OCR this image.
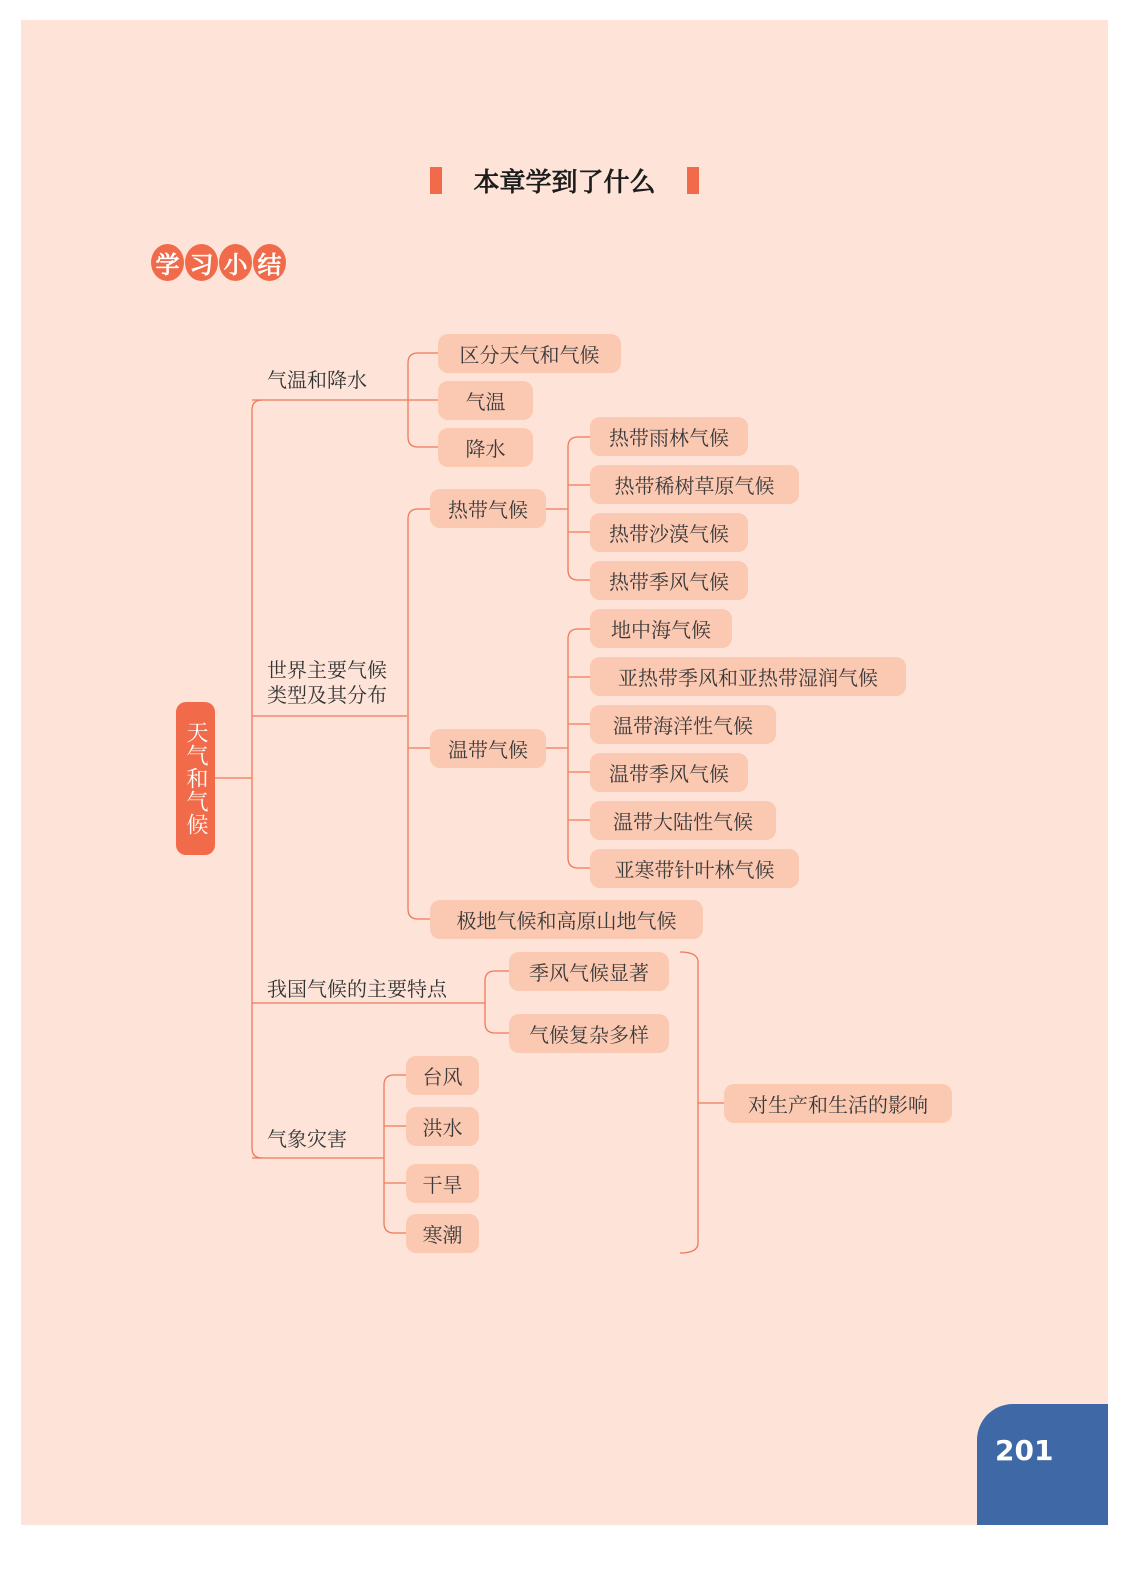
本章学到了什么
学 习 小 结
天气和气候
气温和降水
世界主要气候
类型及其分布
我国气候的主要特点
气象灾害
区分天气和气候
气温
降水
热带气候
热带雨林气候
热带稀树草原气候
热带沙漠气候
热带季风气候
温带气候
地中海气候
亚热带季风和亚热带湿润气候
温带海洋性气候
温带季风气候
温带大陆性气候
亚寒带针叶林气候
极地气候和高原山地气候
季风气候显著
气候复杂多样
台风
洪水
干旱
寒潮
对生产和生活的影响
201
